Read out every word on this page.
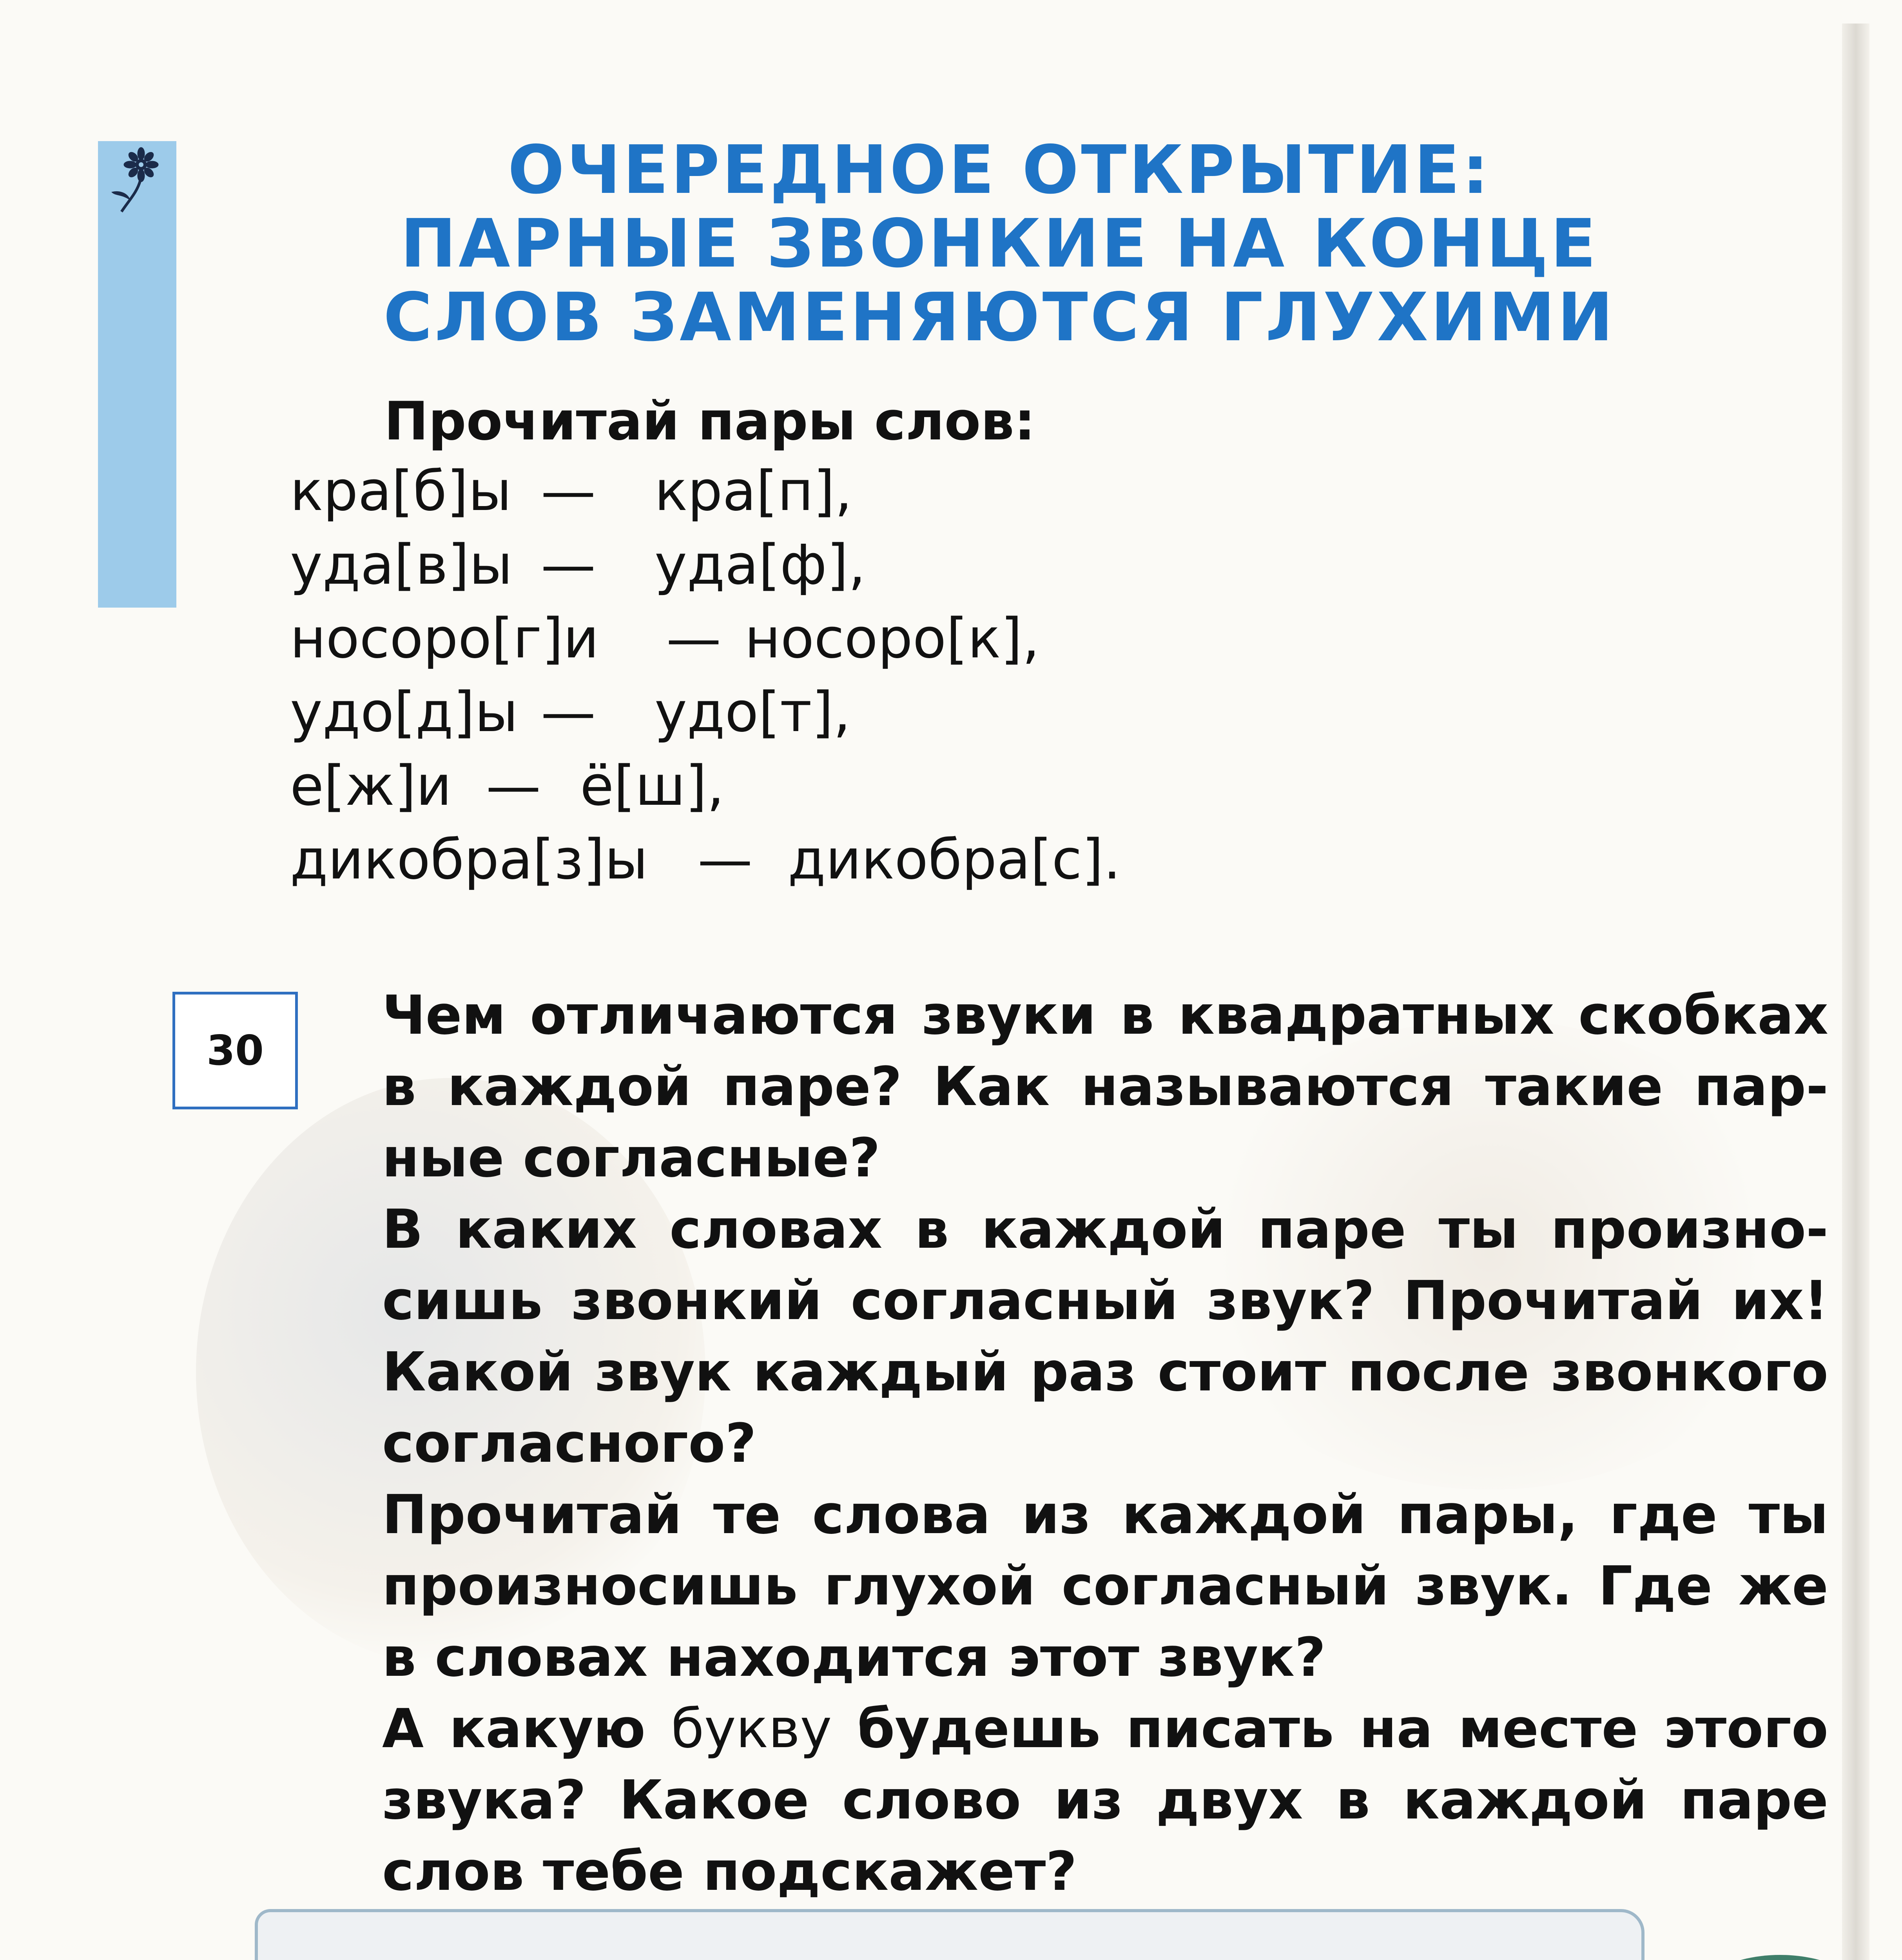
ОЧЕРЕДНОЕ ОТКРЫТИЕ:
ПАРНЫЕ ЗВОНКИЕ НА КОНЦЕ
СЛОВ ЗАМЕНЯЮТСЯ ГЛУХИМИ
Прочитай пары слов:
кра[б]ы — кра[п],
уда[в]ы — уда[ф],
носоро[г]и — носоро[к],
удо[д]ы — удо[т],
е[ж]и — ё[ш],
дикобра[з]ы — дикобра[с].
30

Чем отличаются звуки в квадратных скобках в каждой паре? Как называются такие парные согласные?

В каких словах в каждой паре ты произносишь звонкий согласный звук? Прочитай их! Какой звук каждый раз стоит после звонкого согласного?

Прочитай те слова из каждой пары, где ты произносишь глухой согласный звук. Где же в словах находится этот звук?

А какую букву будешь писать на месте этого звука? Какое слово из двух в каждой паре слов тебе подскажет?
